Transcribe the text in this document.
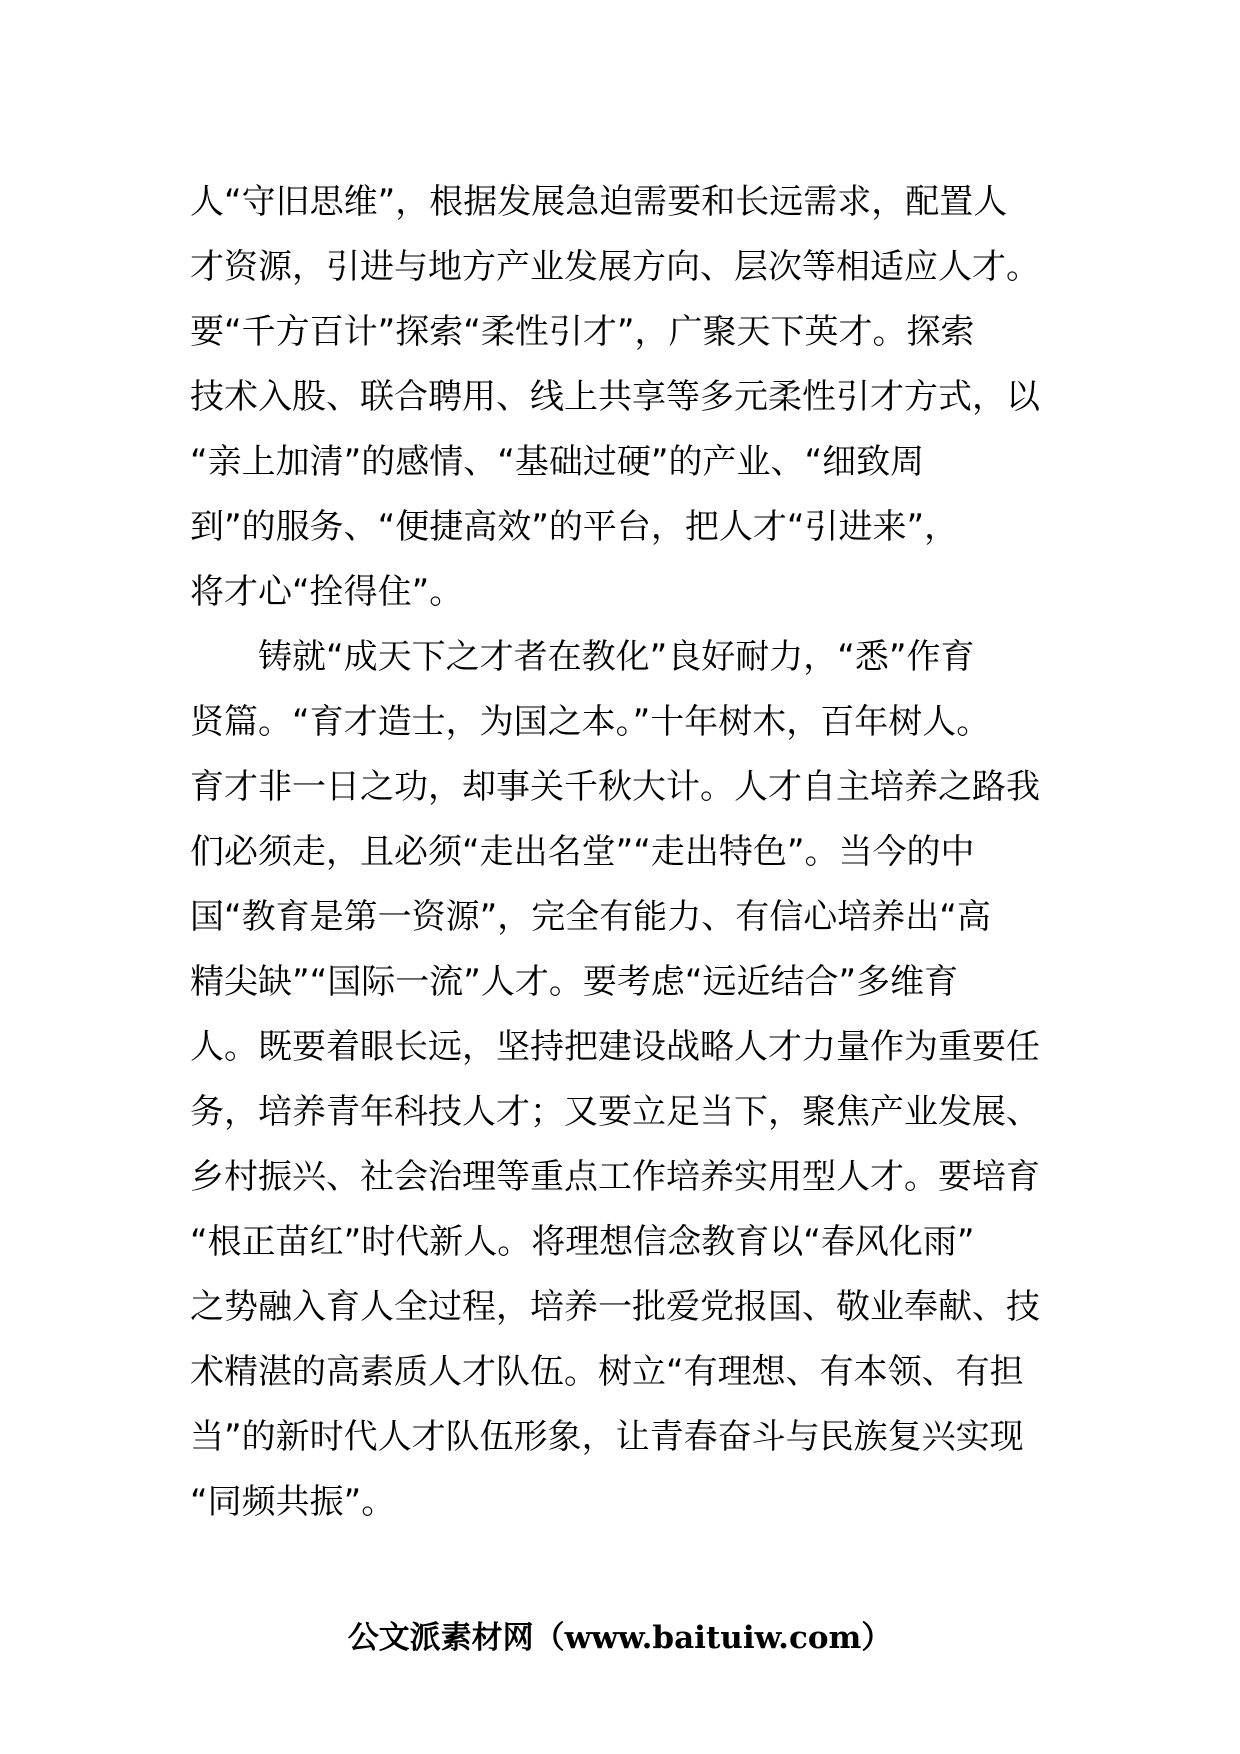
人“守旧思维”，根据发展急迫需要和长远需求，配置人
才资源，引进与地方产业发展方向、层次等相适应人才。
要“千方百计”探索“柔性引才”，广聚天下英才。探索
技术入股、联合聘用、线上共享等多元柔性引才方式，以
“亲上加清”的感情、“基础过硬”的产业、“细致周
到”的服务、“便捷高效”的平台，把人才“引进来”，
将才心“拴得住”。
　　铸就“成天下之才者在教化”良好耐力，“悉”作育
贤篇。“育才造士，为国之本。”十年树木，百年树人。
育才非一日之功，却事关千秋大计。人才自主培养之路我
们必须走，且必须“走出名堂”“走出特色”。当今的中
国“教育是第一资源”，完全有能力、有信心培养出“高
精尖缺”“国际一流”人才。要考虑“远近结合”多维育
人。既要着眼长远，坚持把建设战略人才力量作为重要任
务，培养青年科技人才；又要立足当下，聚焦产业发展、
乡村振兴、社会治理等重点工作培养实用型人才。要培育
“根正苗红”时代新人。将理想信念教育以“春风化雨”
之势融入育人全过程，培养一批爱党报国、敬业奉献、技
术精湛的高素质人才队伍。树立“有理想、有本领、有担
当”的新时代人才队伍形象，让青春奋斗与民族复兴实现
“同频共振”。
公文派素材网（www.baituiw.com）
